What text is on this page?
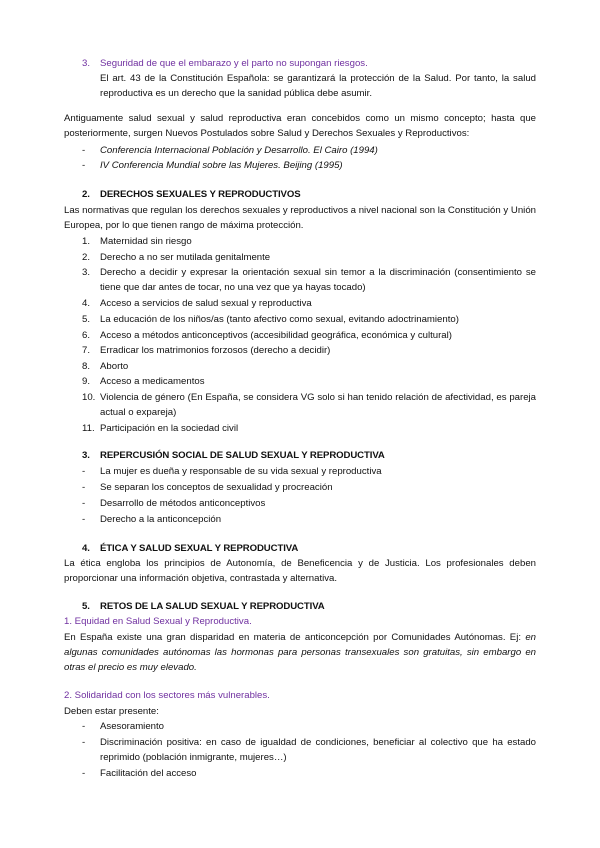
3. Seguridad de que el embarazo y el parto no supongan riesgos.
El art. 43 de la Constitución Española: se garantizará la protección de la Salud. Por tanto, la salud reproductiva es un derecho que la sanidad pública debe asumir.

Antiguamente salud sexual y salud reproductiva eran concebidos como un mismo concepto; hasta que posteriormente, surgen Nuevos Postulados sobre Salud y Derechos Sexuales y Reproductivos:

- Conferencia Internacional Población y Desarrollo. El Cairo (1994)
- IV Conferencia Mundial sobre las Mujeres. Beijing (1995)
2. DERECHOS SEXUALES Y REPRODUCTIVOS

Las normativas que regulan los derechos sexuales y reproductivos a nivel nacional son la Constitución y Unión Europea, por lo que tienen rango de máxima protección.

1. Maternidad sin riesgo
2. Derecho a no ser mutilada genitalmente
3. Derecho a decidir y expresar la orientación sexual sin temor a la discriminación (consentimiento se tiene que dar antes de tocar, no una vez que ya hayas tocado)
4. Acceso a servicios de salud sexual y reproductiva
5. La educación de los niños/as (tanto afectivo como sexual, evitando adoctrinamiento)
6. Acceso a métodos anticonceptivos (accesibilidad geográfica, económica y cultural)
7. Erradicar los matrimonios forzosos (derecho a decidir)
8. Aborto
9. Acceso a medicamentos
10. Violencia de género (En España, se considera VG solo si han tenido relación de afectividad, es pareja actual o expareja)
11. Participación en la sociedad civil
3. REPERCUSIÓN SOCIAL DE SALUD SEXUAL Y REPRODUCTIVA
- La mujer es dueña y responsable de su vida sexual y reproductiva
- Se separan los conceptos de sexualidad y procreación
- Desarrollo de métodos anticonceptivos
- Derecho a la anticoncepción
4. ÉTICA Y SALUD SEXUAL Y REPRODUCTIVA

La ética engloba los principios de Autonomía, de Beneficencia y de Justicia. Los profesionales deben proporcionar una información objetiva, contrastada y alternativa.

5. RETOS DE LA SALUD SEXUAL Y REPRODUCTIVA

1. Equidad en Salud Sexual y Reproductiva.

En España existe una gran disparidad en materia de anticoncepción por Comunidades Autónomas. Ej: en algunas comunidades autónomas las hormonas para personas transexuales son gratuitas, sin embargo en otras el precio es muy elevado.

2. Solidaridad con los sectores más vulnerables.

Deben estar presente:

- Asesoramiento
- Discriminación positiva: en caso de igualdad de condiciones, beneficiar al colectivo que ha estado reprimido (población inmigrante, mujeres…)
- Facilitación del acceso
